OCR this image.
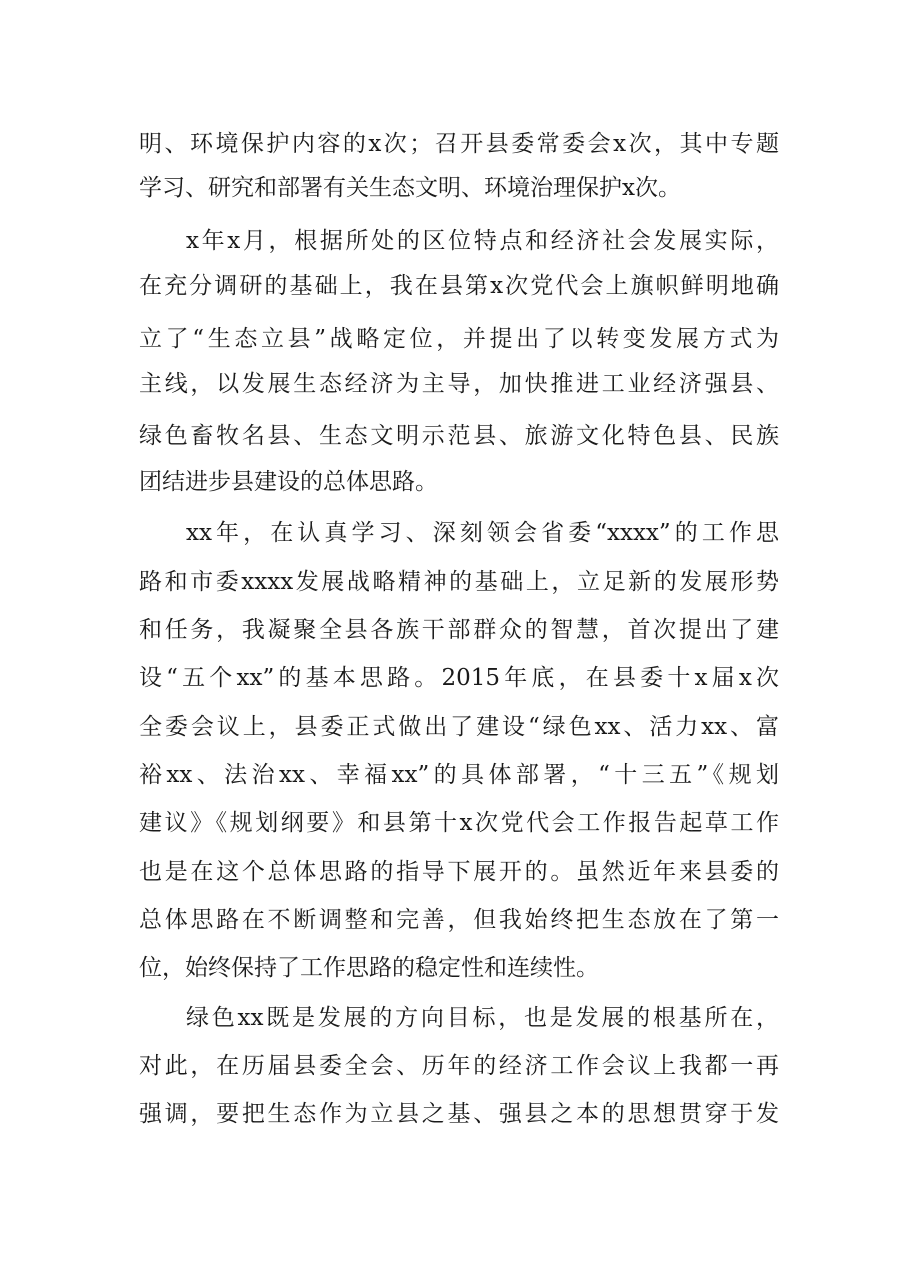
明、环境保护内容的x次；召开县委常委会x次，其中专题
学习、研究和部署有关生态文明、环境治理保护x次。
x年x月，根据所处的区位特点和经济社会发展实际，
在充分调研的基础上，我在县第x次党代会上旗帜鲜明地确
立了“生态立县”战略定位，并提出了以转变发展方式为
主线，以发展生态经济为主导，加快推进工业经济强县、
绿色畜牧名县、生态文明示范县、旅游文化特色县、民族
团结进步县建设的总体思路。
xx年，在认真学习、深刻领会省委“xxxx”的工作思
路和市委xxxx发展战略精神的基础上，立足新的发展形势
和任务，我凝聚全县各族干部群众的智慧，首次提出了建
设“五个xx”的基本思路。2015年底，在县委十x届x次
全委会议上，县委正式做出了建设“绿色xx、活力xx、富
裕xx、法治xx、幸福xx”的具体部署，“十三五”《规划
建议》《规划纲要》和县第十x次党代会工作报告起草工作
也是在这个总体思路的指导下展开的。虽然近年来县委的
总体思路在不断调整和完善，但我始终把生态放在了第一
位，始终保持了工作思路的稳定性和连续性。
绿色xx既是发展的方向目标，也是发展的根基所在，
对此，在历届县委全会、历年的经济工作会议上我都一再
强调，要把生态作为立县之基、强县之本的思想贯穿于发
